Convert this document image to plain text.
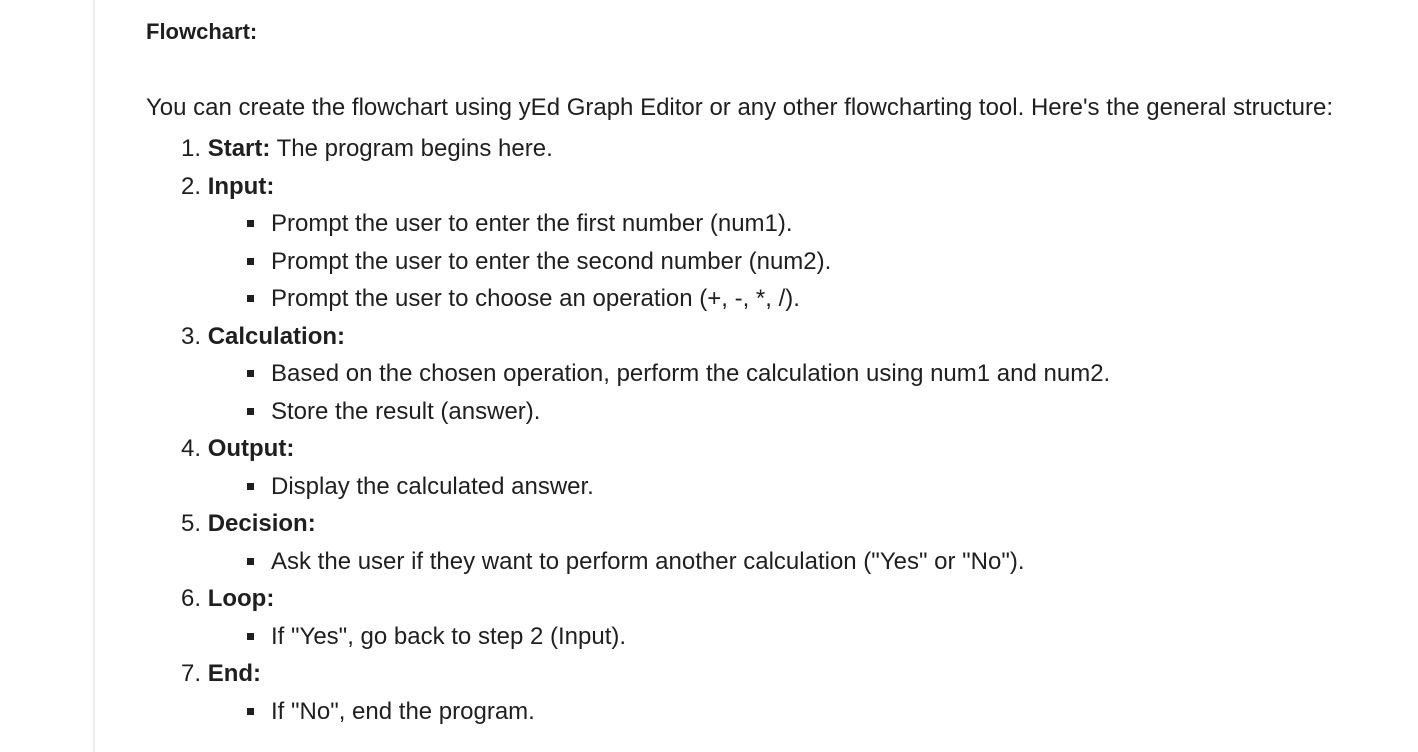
Flowchart:
You can create the flowchart using yEd Graph Editor or any other flowcharting tool. Here's the general structure:
1. Start: The program begins here.
2. Input:
Prompt the user to enter the first number (num1).
Prompt the user to enter the second number (num2).
Prompt the user to choose an operation (+, -, *, /).
3. Calculation:
Based on the chosen operation, perform the calculation using num1 and num2.
Store the result (answer).
4. Output:
Display the calculated answer.
5. Decision:
Ask the user if they want to perform another calculation ("Yes" or "No").
6. Loop:
If "Yes", go back to step 2 (Input).
7. End:
If "No", end the program.
